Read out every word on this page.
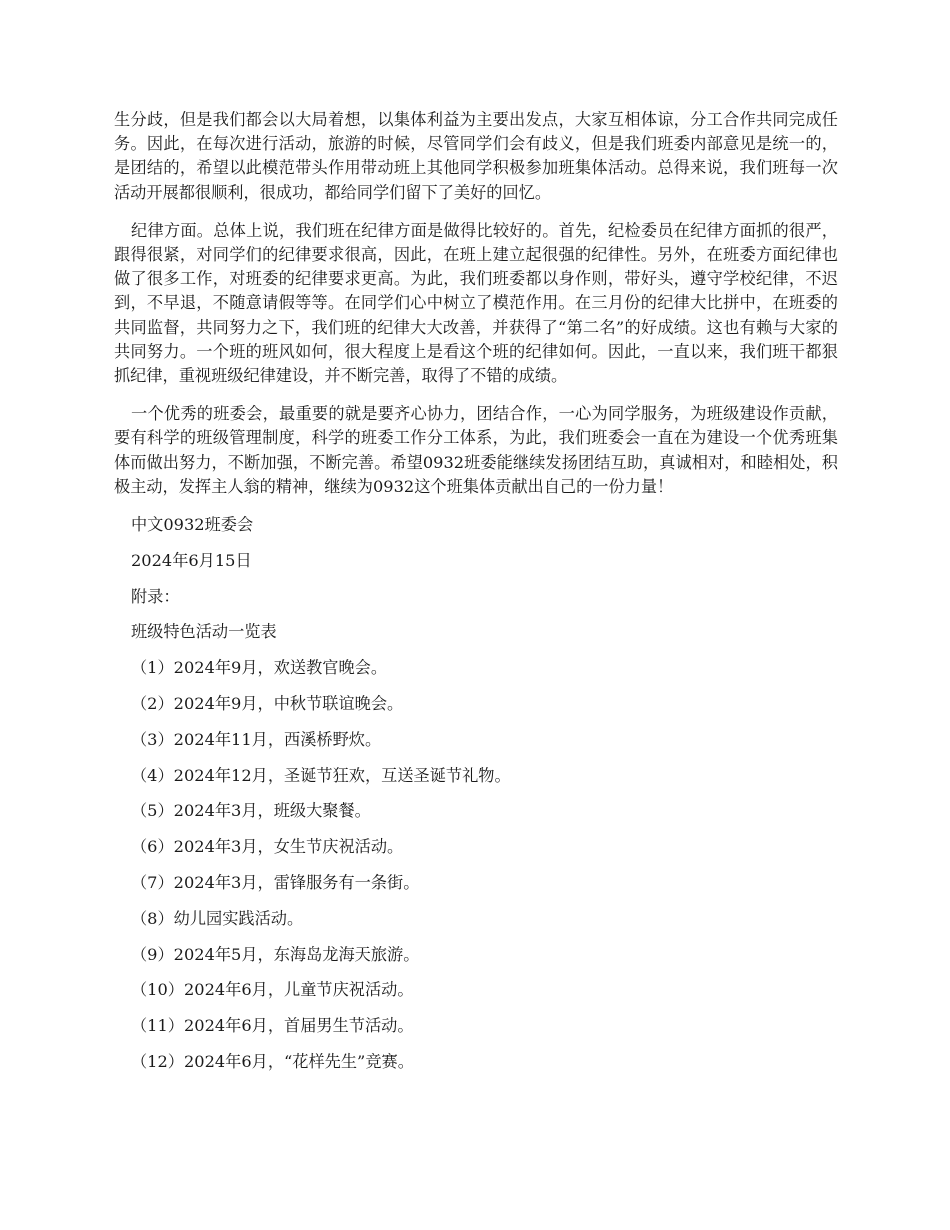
生分歧，但是我们都会以大局着想，以集体利益为主要出发点，大家互相体谅，分工合作共同完成任务。因此，在每次进行活动，旅游的时候，尽管同学们会有歧义，但是我们班委内部意见是统一的，是团结的，希望以此模范带头作用带动班上其他同学积极参加班集体活动。总得来说，我们班每一次活动开展都很顺利，很成功，都给同学们留下了美好的回忆。

纪律方面。总体上说，我们班在纪律方面是做得比较好的。首先，纪检委员在纪律方面抓的很严，跟得很紧，对同学们的纪律要求很高，因此，在班上建立起很强的纪律性。另外，在班委方面纪律也做了很多工作，对班委的纪律要求更高。为此，我们班委都以身作则，带好头，遵守学校纪律，不迟到，不早退，不随意请假等等。在同学们心中树立了模范作用。在三月份的纪律大比拼中，在班委的共同监督，共同努力之下，我们班的纪律大大改善，并获得了“第二名”的好成绩。这也有赖与大家的共同努力。一个班的班风如何，很大程度上是看这个班的纪律如何。因此，一直以来，我们班干都狠抓纪律，重视班级纪律建设，并不断完善，取得了不错的成绩。

一个优秀的班委会，最重要的就是要齐心协力，团结合作，一心为同学服务，为班级建设作贡献，要有科学的班级管理制度，科学的班委工作分工体系，为此，我们班委会一直在为建设一个优秀班集体而做出努力，不断加强，不断完善。希望0932班委能继续发扬团结互助，真诚相对，和睦相处，积极主动，发挥主人翁的精神，继续为0932这个班集体贡献出自己的一份力量！

中文0932班委会
2024年6月15日
附录：
班级特色活动一览表
（1）2024年9月，欢送教官晚会。
（2）2024年9月，中秋节联谊晚会。
（3）2024年11月，西溪桥野炊。
（4）2024年12月，圣诞节狂欢，互送圣诞节礼物。
（5）2024年3月，班级大聚餐。
（6）2024年3月，女生节庆祝活动。
（7）2024年3月，雷锋服务有一条街。
（8）幼儿园实践活动。
（9）2024年5月，东海岛龙海天旅游。
（10）2024年6月，儿童节庆祝活动。
（11）2024年6月，首届男生节活动。
（12）2024年6月，“花样先生”竞赛。
